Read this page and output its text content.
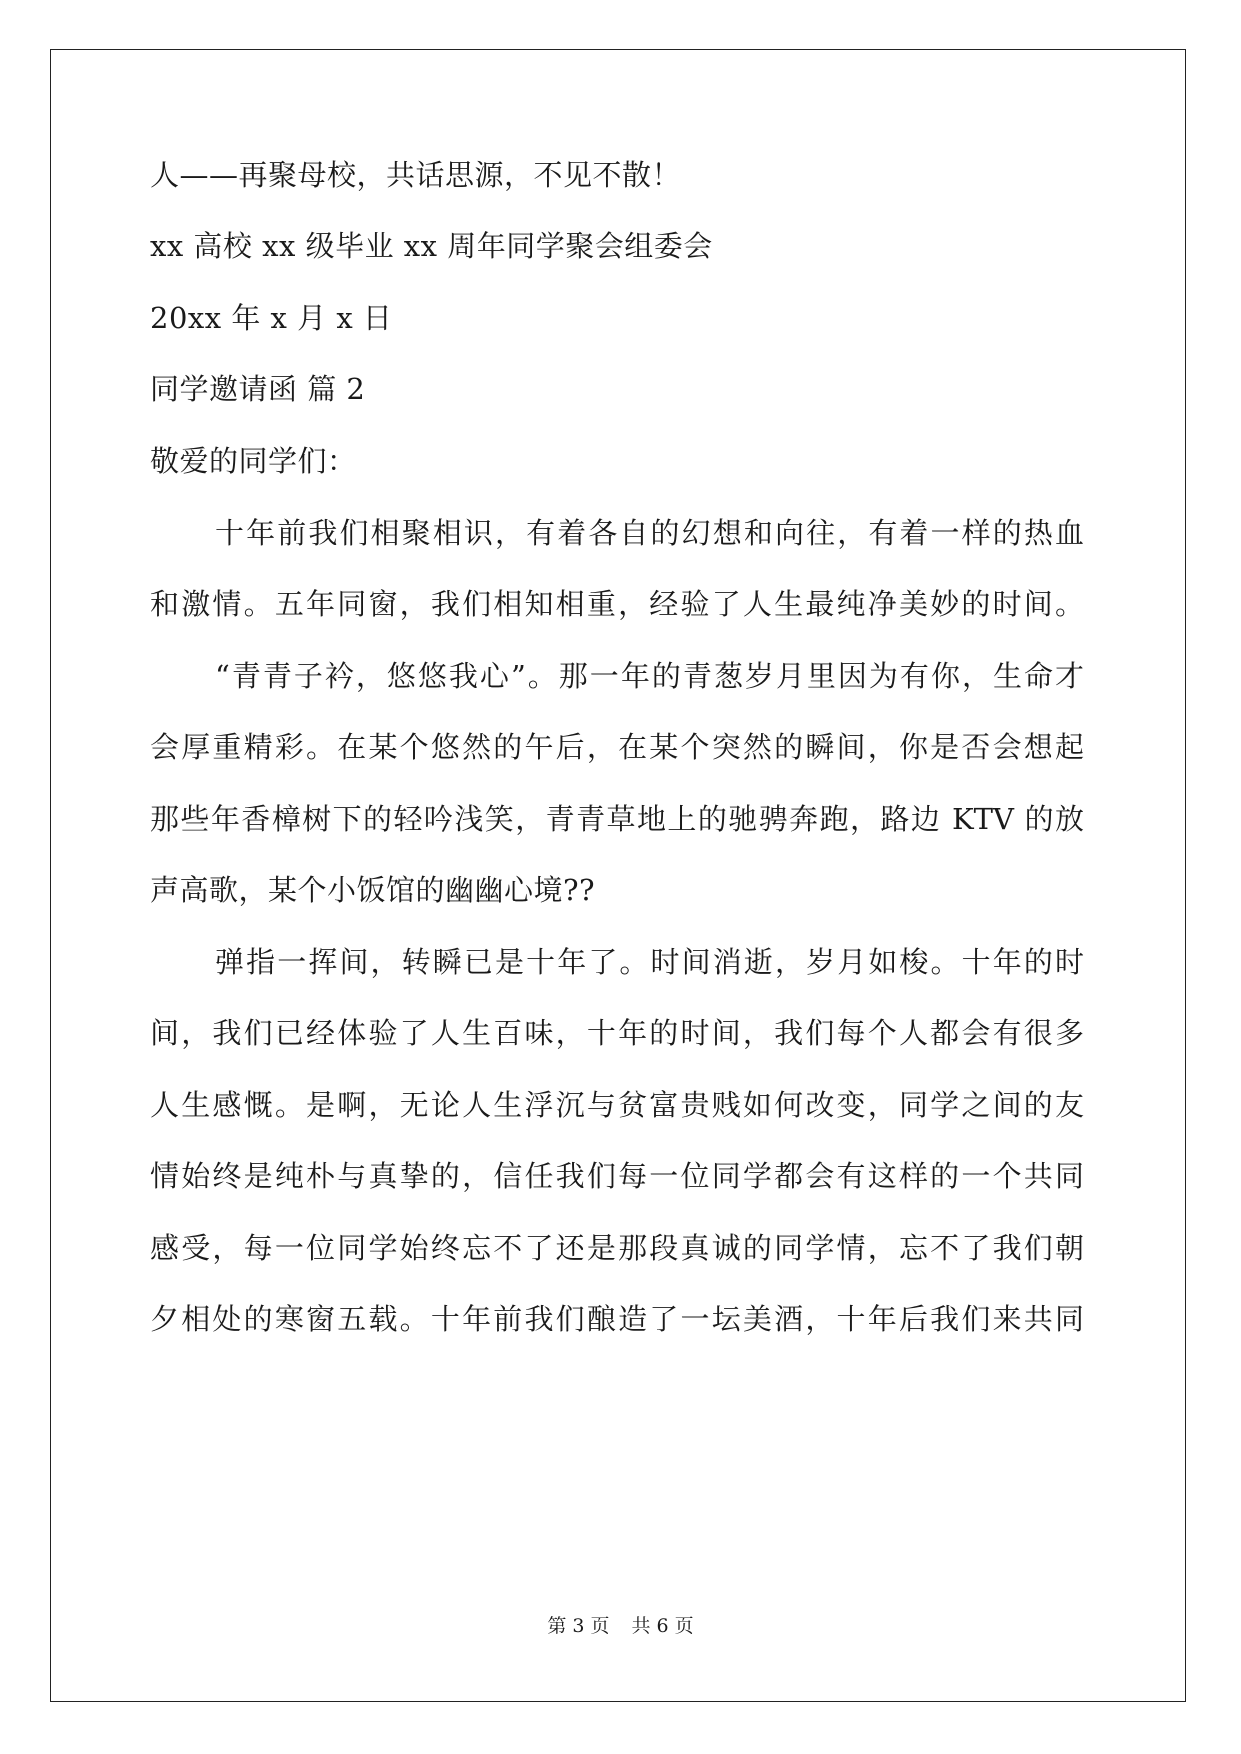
人——再聚母校，共话思源，不见不散！
xx 高校 xx 级毕业 xx 周年同学聚会组委会
20xx 年 x 月 x 日
同学邀请函 篇 2
敬爱的同学们：
十年前我们相聚相识，有着各自的幻想和向往，有着一样的热血
和激情。五年同窗，我们相知相重，经验了人生最纯净美妙的时间。
“青青子衿，悠悠我心”。那一年的青葱岁月里因为有你，生命才
会厚重精彩。在某个悠然的午后，在某个突然的瞬间，你是否会想起
那些年香樟树下的轻吟浅笑，青青草地上的驰骋奔跑，路边 KTV 的放
声高歌，某个小饭馆的幽幽心境??
弹指一挥间，转瞬已是十年了。时间消逝，岁月如梭。十年的时
间，我们已经体验了人生百味，十年的时间，我们每个人都会有很多
人生感慨。是啊，无论人生浮沉与贫富贵贱如何改变，同学之间的友
情始终是纯朴与真挚的，信任我们每一位同学都会有这样的一个共同
感受，每一位同学始终忘不了还是那段真诚的同学情，忘不了我们朝
夕相处的寒窗五载。十年前我们酿造了一坛美酒，十年后我们来共同
第 3 页 共 6 页
